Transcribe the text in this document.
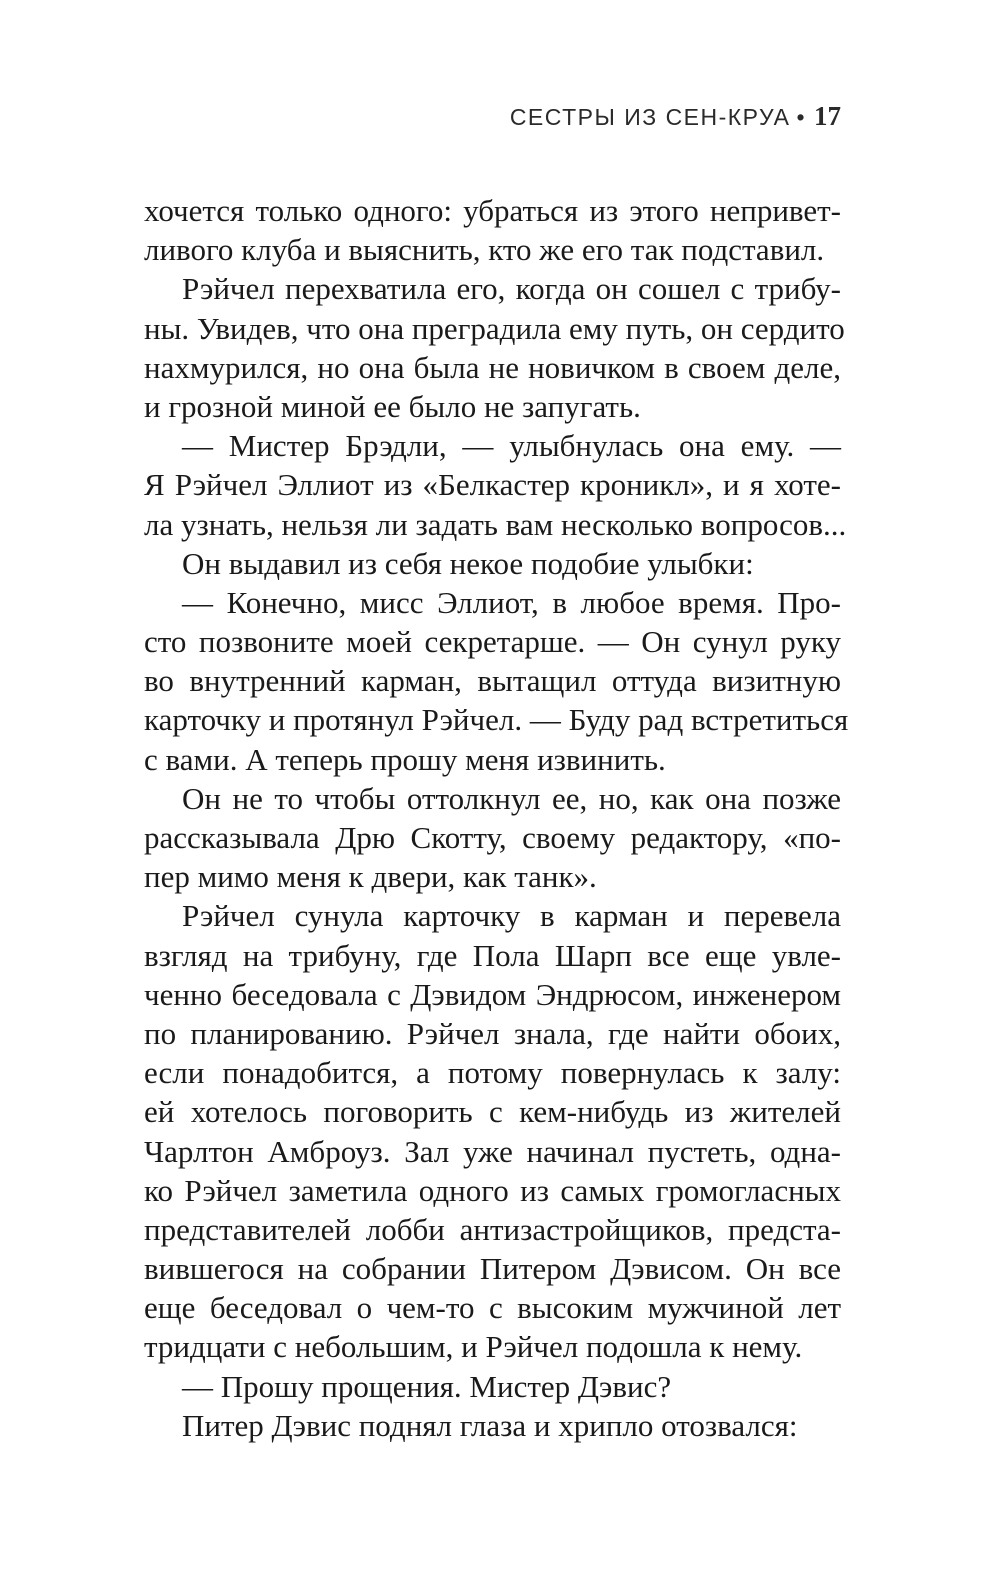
СЕСТРЫ ИЗ СЕН-КРУА • 17
хочется только одного: убраться из этого непривет-
ливого клуба и выяснить, кто же его так подставил.
Рэйчел перехватила его, когда он сошел с трибу-
ны. Увидев, что она преградила ему путь, он сердито
нахмурился, но она была не новичком в своем деле,
и грозной миной ее было не запугать.
— Мистер Брэдли, — улыбнулась она ему. —
Я Рэйчел Эллиот из «Белкастер кроникл», и я хоте-
ла узнать, нельзя ли задать вам несколько вопросов...
Он выдавил из себя некое подобие улыбки:
— Конечно, мисс Эллиот, в любое время. Про-
сто позвоните моей секретарше. — Он сунул руку
во внутренний карман, вытащил оттуда визитную
карточку и протянул Рэйчел. — Буду рад встретиться
с вами. А теперь прошу меня извинить.
Он не то чтобы оттолкнул ее, но, как она позже
рассказывала Дрю Скотту, своему редактору, «по-
пер мимо меня к двери, как танк».
Рэйчел сунула карточку в карман и перевела
взгляд на трибуну, где Пола Шарп все еще увле-
ченно беседовала с Дэвидом Эндрюсом, инженером
по планированию. Рэйчел знала, где найти обоих,
если понадобится, а потому повернулась к залу:
ей хотелось поговорить с кем-нибудь из жителей
Чарлтон Амброуз. Зал уже начинал пустеть, одна-
ко Рэйчел заметила одного из самых громогласных
представителей лобби антизастройщиков, предста-
вившегося на собрании Питером Дэвисом. Он все
еще беседовал о чем-то с высоким мужчиной лет
тридцати с небольшим, и Рэйчел подошла к нему.
— Прошу прощения. Мистер Дэвис?
Питер Дэвис поднял глаза и хрипло отозвался:
